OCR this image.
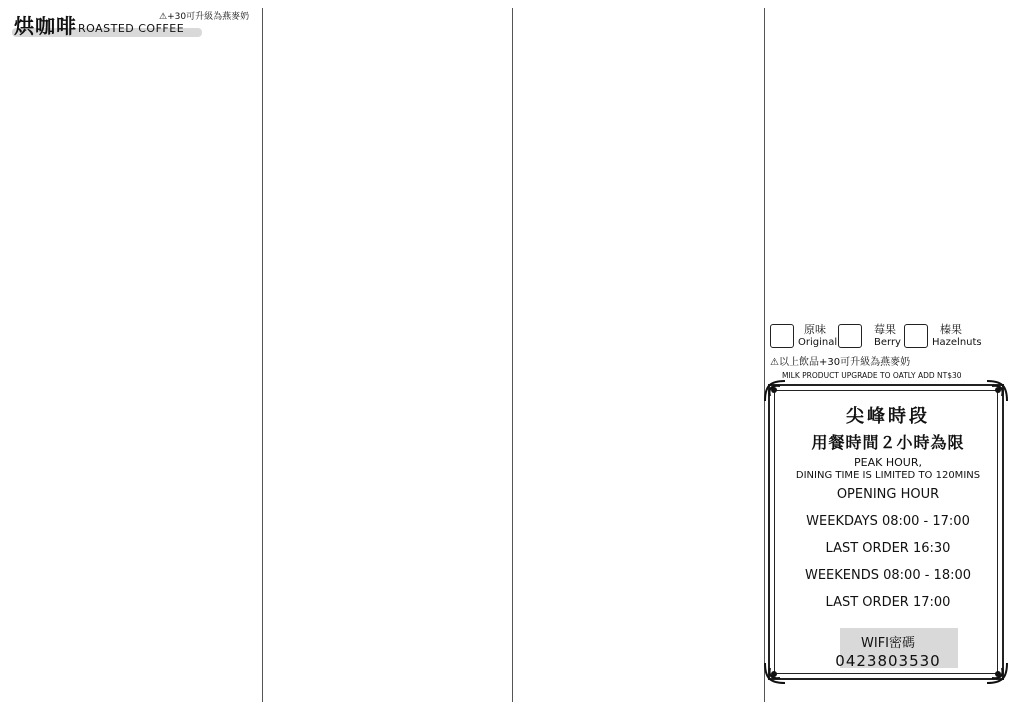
烘咖啡 ROASTED COFFEE
⚠+30可升級為燕麥奶
原味
Original
莓果
Berry
榛果
Hazelnuts
⚠以上飲品+30可升級為燕麥奶
MILK PRODUCT UPGRADE TO OATLY ADD NT$30
尖峰時段
用餐時間２小時為限
PEAK HOUR,
DINING TIME IS LIMITED TO 120MINS
OPENING HOUR
WEEKDAYS 08:00 - 17:00
LAST ORDER 16:30
WEEKENDS 08:00 - 18:00
LAST ORDER 17:00
WIFI密碼
0423803530
